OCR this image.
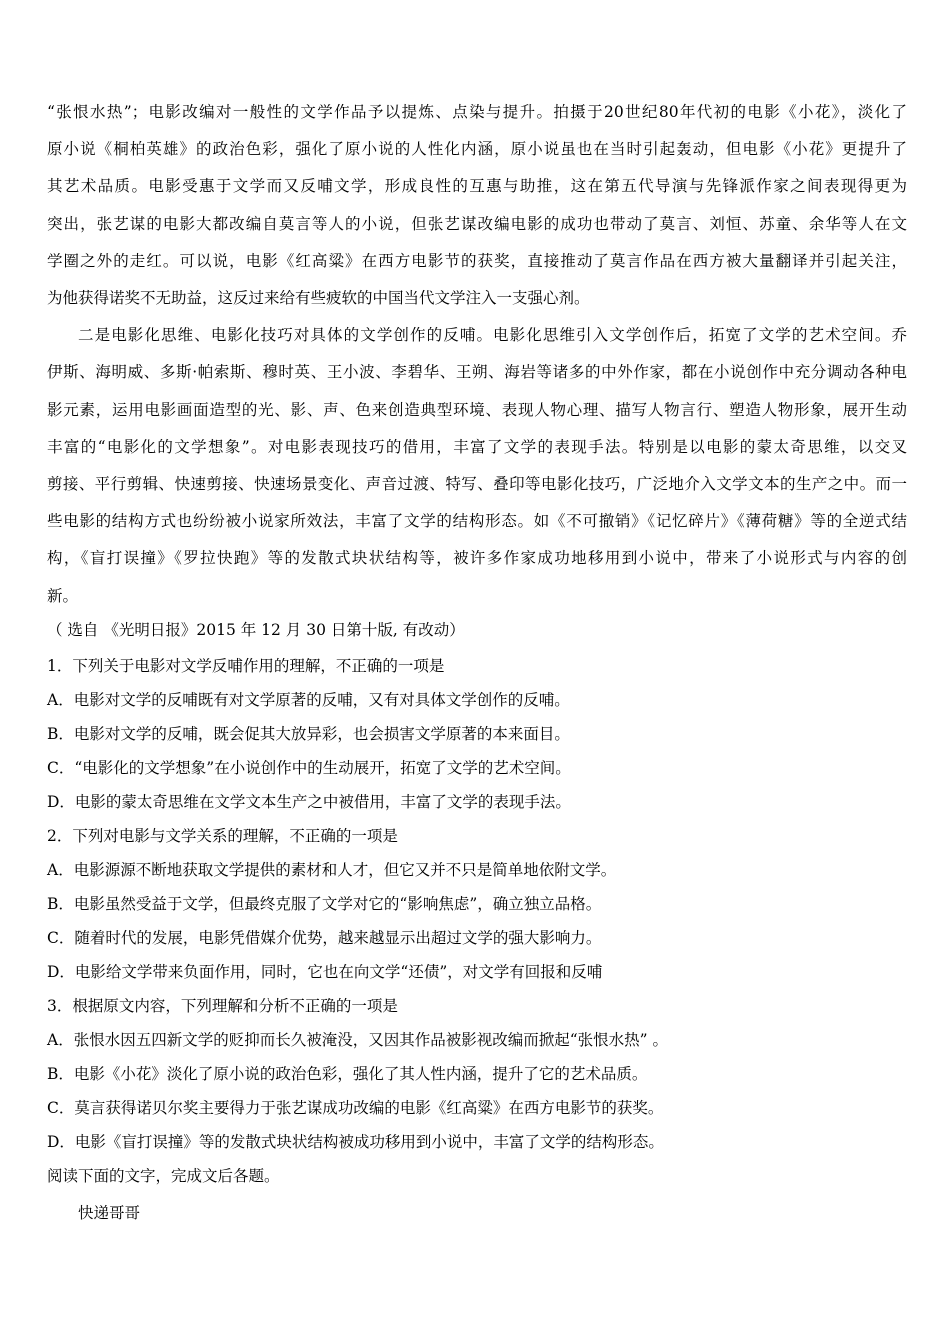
“张恨水热”；电影改编对一般性的文学作品予以提炼、点染与提升。拍摄于20世纪80年代初的电影《小花》，淡化了

原小说《桐柏英雄》的政治色彩，强化了原小说的人性化内涵，原小说虽也在当时引起轰动，但电影《小花》更提升了

其艺术品质。电影受惠于文学而又反哺文学，形成良性的互惠与助推，这在第五代导演与先锋派作家之间表现得更为

突出，张艺谋的电影大都改编自莫言等人的小说，但张艺谋改编电影的成功也带动了莫言、刘恒、苏童、余华等人在文

学圈之外的走红。可以说，电影《红高粱》在西方电影节的获奖，直接推动了莫言作品在西方被大量翻译并引起关注，

为他获得诺奖不无助益，这反过来给有些疲软的中国当代文学注入一支强心剂。

二是电影化思维、电影化技巧对具体的文学创作的反哺。电影化思维引入文学创作后，拓宽了文学的艺术空间。乔

伊斯、海明威、多斯·帕索斯、穆时英、王小波、李碧华、王朔、海岩等诸多的中外作家，都在小说创作中充分调动各种电

影元素，运用电影画面造型的光、影、声、色来创造典型环境、表现人物心理、描写人物言行、塑造人物形象，展开生动

丰富的“电影化的文学想象”。对电影表现技巧的借用，丰富了文学的表现手法。特别是以电影的蒙太奇思维，以交叉

剪接、平行剪辑、快速剪接、快速场景变化、声音过渡、特写、叠印等电影化技巧，广泛地介入文学文本的生产之中。而一

些电影的结构方式也纷纷被小说家所效法，丰富了文学的结构形态。如《不可撤销》《记忆碎片》《薄荷糖》等的全逆式结

构，《盲打误撞》《罗拉快跑》等的发散式块状结构等，被许多作家成功地移用到小说中，带来了小说形式与内容的创

新。

（ 选自 《光明日报》2015 年 12 月 30 日第十版, 有改动）

1．下列关于电影对文学反哺作用的理解，不正确的一项是

A．电影对文学的反哺既有对文学原著的反哺，又有对具体文学创作的反哺。

B．电影对文学的反哺，既会促其大放异彩，也会损害文学原著的本来面目。

C．“电影化的文学想象”在小说创作中的生动展开，拓宽了文学的艺术空间。

D．电影的蒙太奇思维在文学文本生产之中被借用，丰富了文学的表现手法。

2．下列对电影与文学关系的理解，不正确的一项是

A．电影源源不断地获取文学提供的素材和人才，但它又并不只是简单地依附文学。

B．电影虽然受益于文学，但最终克服了文学对它的“影响焦虑”，确立独立品格。

C．随着时代的发展，电影凭借媒介优势，越来越显示出超过文学的强大影响力。

D．电影给文学带来负面作用，同时，它也在向文学“还债”，对文学有回报和反哺

3．根据原文内容，下列理解和分析不正确的一项是

A．张恨水因五四新文学的贬抑而长久被淹没，又因其作品被影视改编而掀起“张恨水热” 。

B．电影《小花》淡化了原小说的政治色彩，强化了其人性内涵，提升了它的艺术品质。

C．莫言获得诺贝尔奖主要得力于张艺谋成功改编的电影《红高粱》在西方电影节的获奖。

D．电影《盲打误撞》等的发散式块状结构被成功移用到小说中，丰富了文学的结构形态。

阅读下面的文字，完成文后各题。

快递哥哥
